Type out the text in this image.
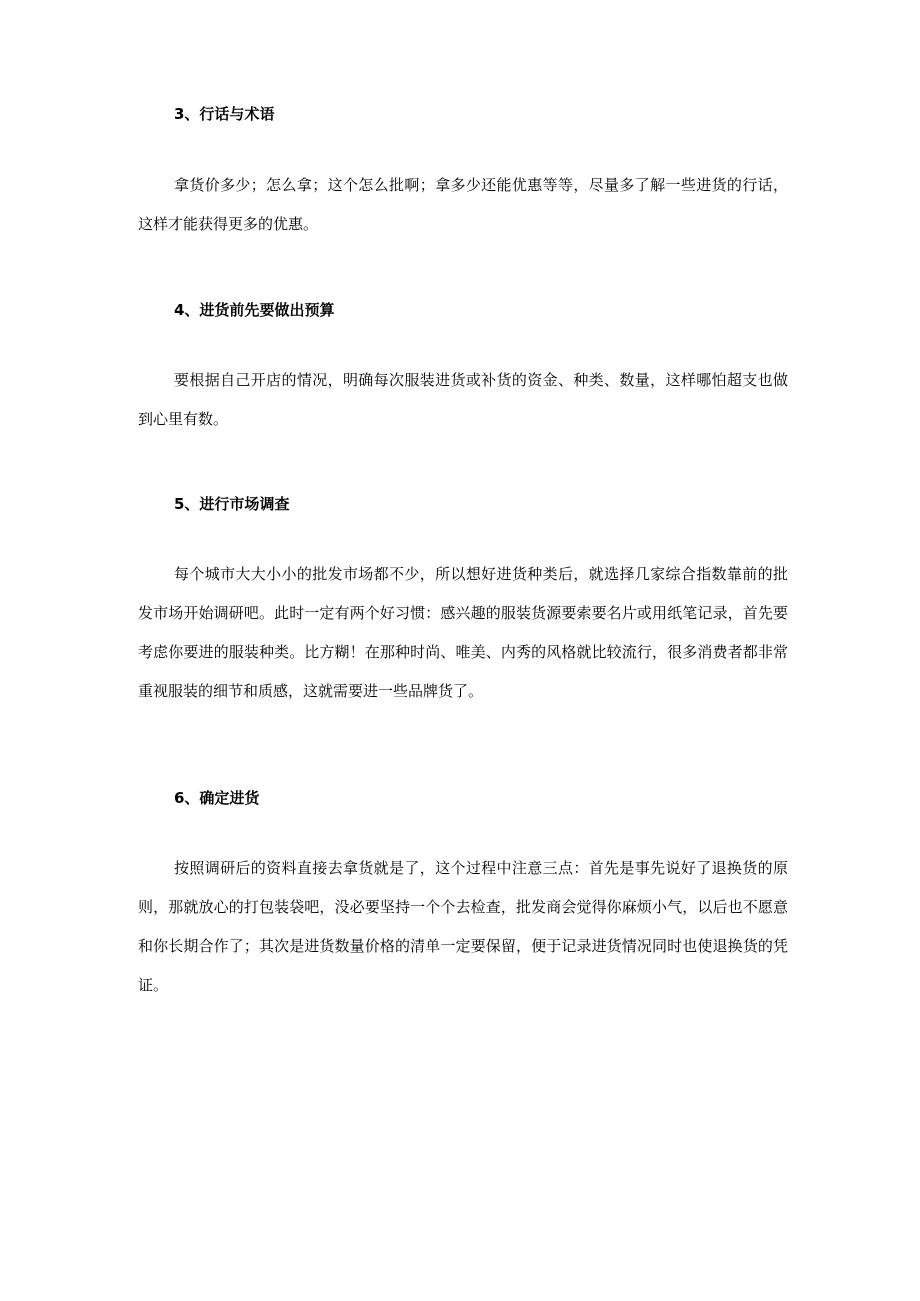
3、行话与术语

拿货价多少；怎么拿；这个怎么批啊；拿多少还能优惠等等，尽量多了解一些进货的行话，这样才能获得更多的优惠。

4、进货前先要做出预算

要根据自己开店的情况，明确每次服装进货或补货的资金、种类、数量，这样哪怕超支也做到心里有数。

5、进行市场调查

每个城市大大小小的批发市场都不少，所以想好进货种类后，就选择几家综合指数靠前的批发市场开始调研吧。此时一定有两个好习惯：感兴趣的服装货源要索要名片或用纸笔记录，首先要考虑你要进的服装种类。比方糊！在那种时尚、唯美、内秀的风格就比较流行，很多消费者都非常重视服装的细节和质感，这就需要进一些品牌货了。

6、确定进货

按照调研后的资料直接去拿货就是了，这个过程中注意三点：首先是事先说好了退换货的原则，那就放心的打包装袋吧，没必要坚持一个个去检查，批发商会觉得你麻烦小气，以后也不愿意和你长期合作了；其次是进货数量价格的清单一定要保留，便于记录进货情况同时也使退换货的凭证。
